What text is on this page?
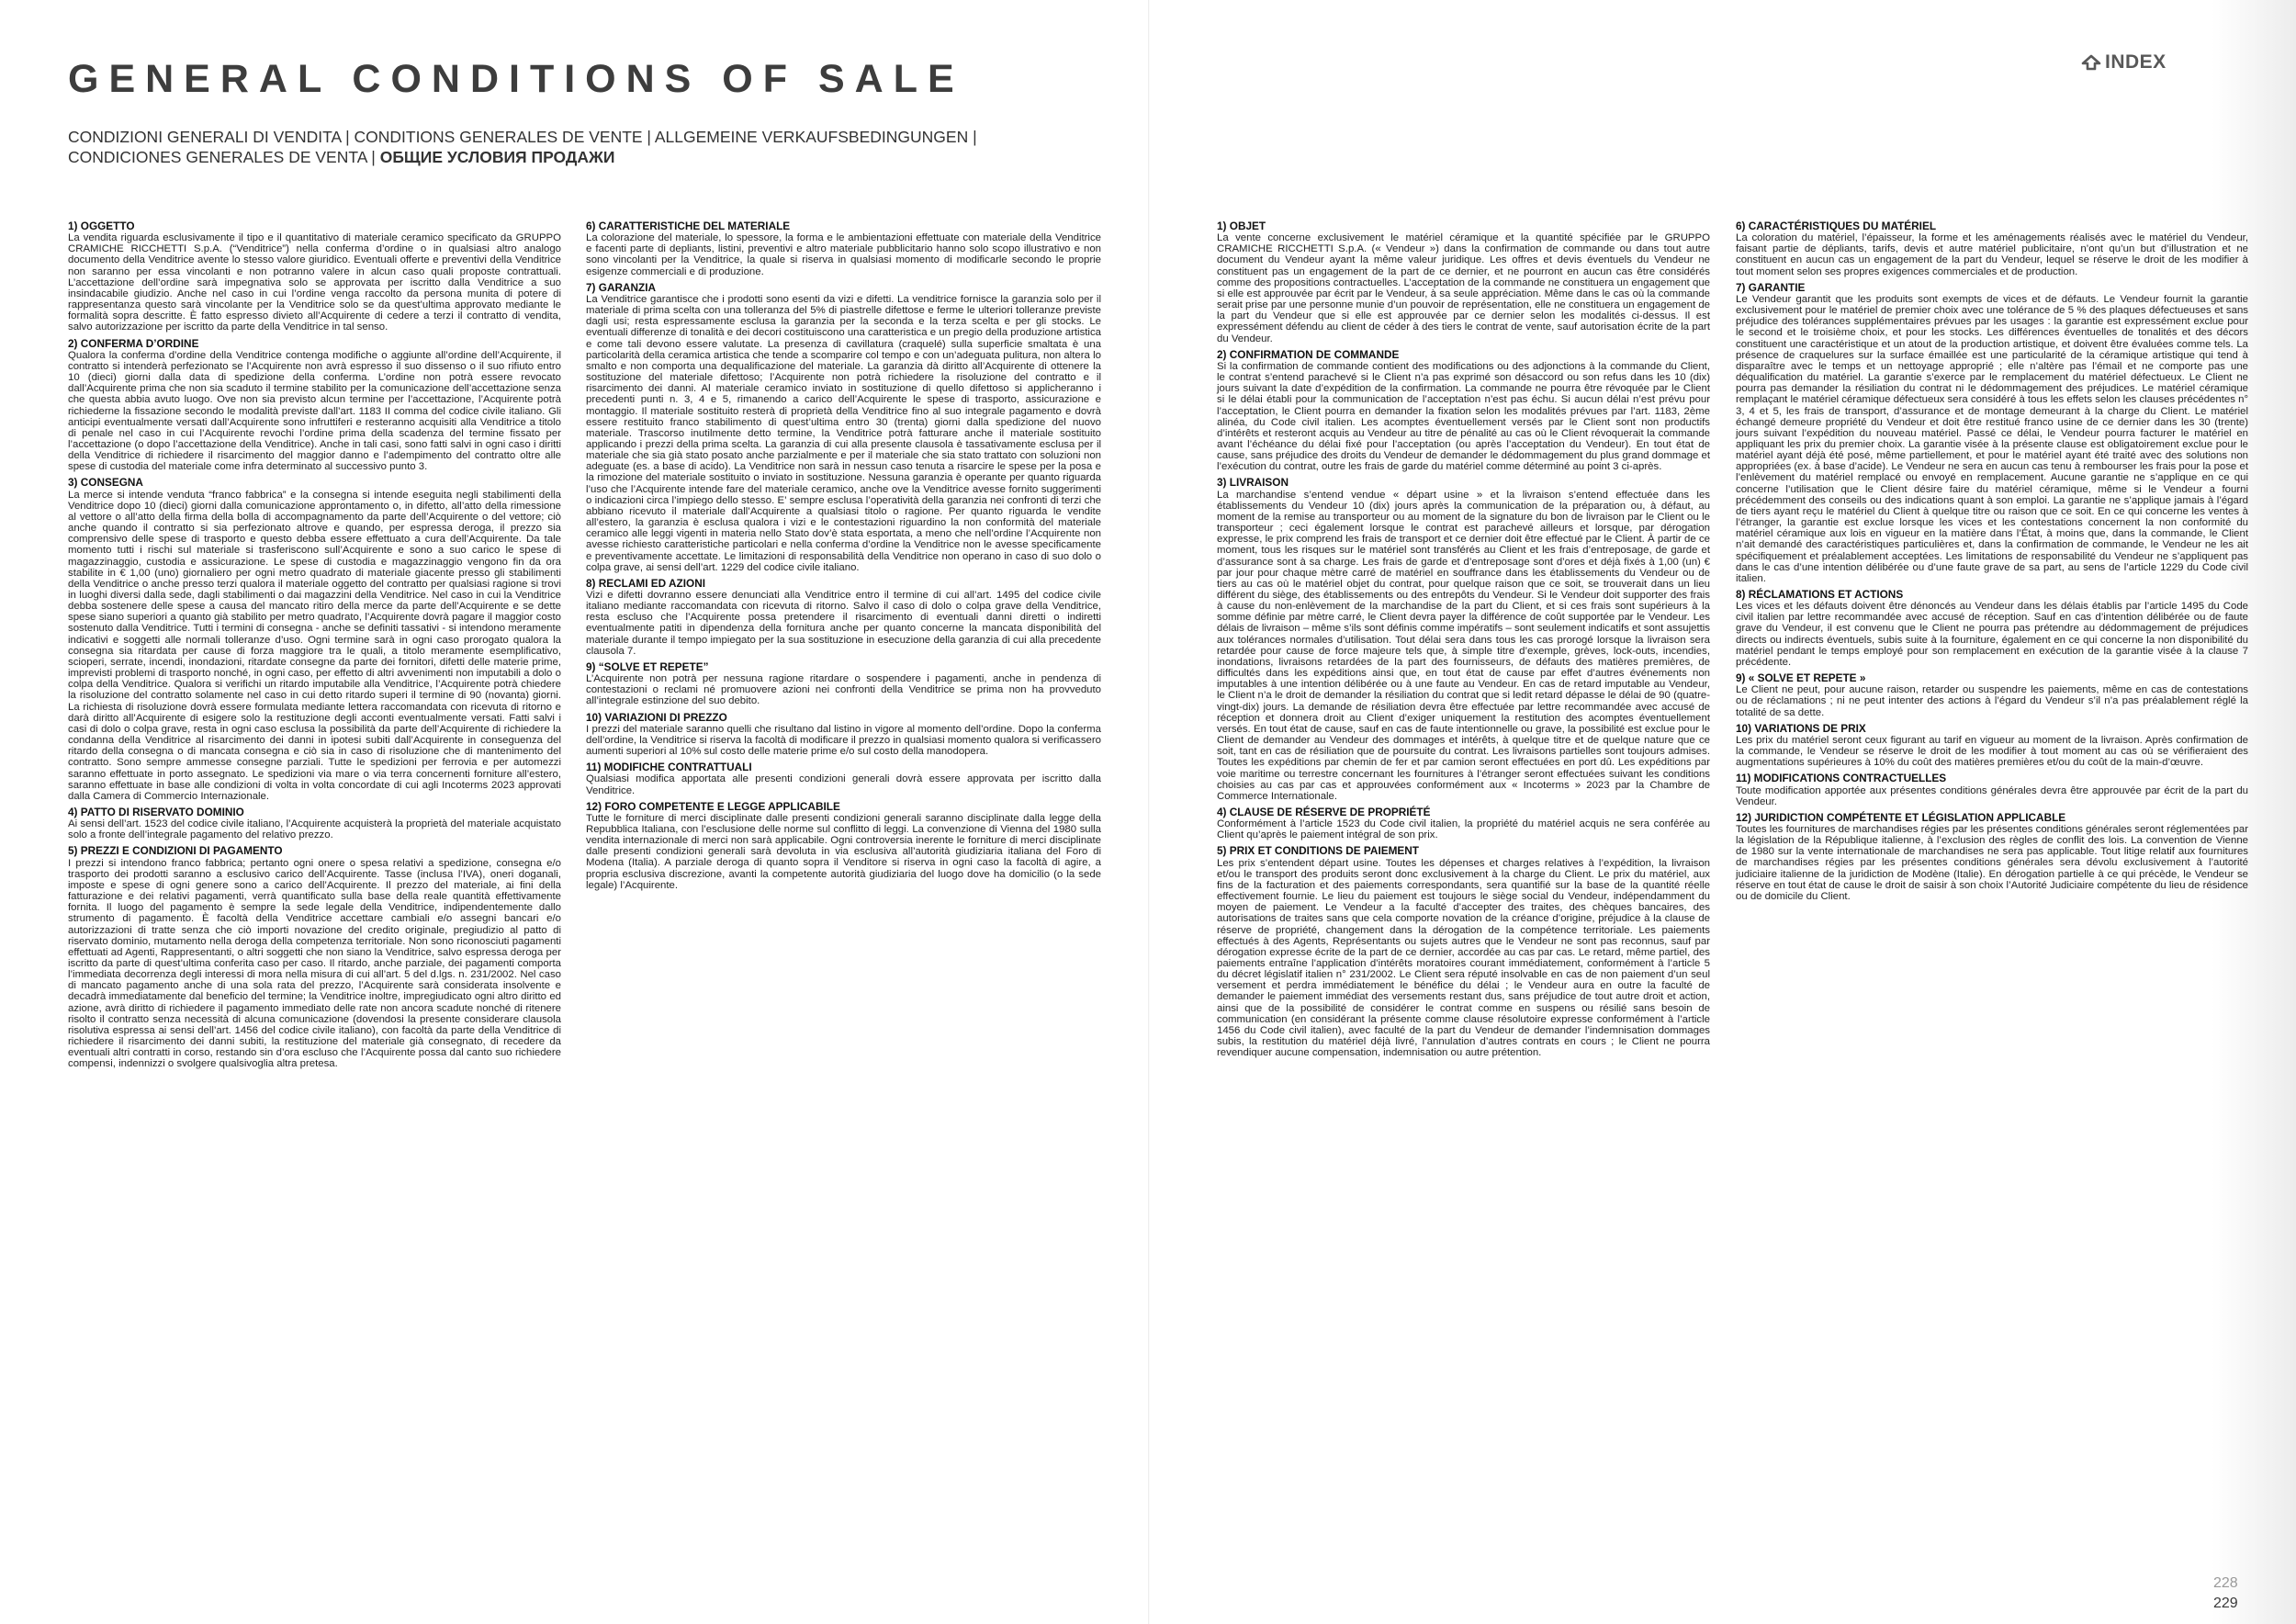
GENERAL CONDITIONS OF SALE
CONDIZIONI GENERALI DI VENDITA | CONDITIONS GENERALES DE VENTE | ALLGEMEINE VERKAUFSBEDINGUNGEN |
CONDICIONES GENERALES DE VENTA | ОБЩИЕ УСЛОВИЯ ПРОДАЖИ
INDEX
1) OGGETTO

La vendita riguarda esclusivamente il tipo e il quantitativo di materiale ceramico specificato da GRUPPO CRAMICHE RICCHETTI S.p.A. (“Venditrice”) nella conferma d’ordine o in qualsiasi altro analogo documento della Venditrice avente lo stesso valore giuridico. Eventuali offerte e preventivi della Venditrice non saranno per essa vincolanti e non potranno valere in alcun caso quali proposte contrattuali. L’accettazione dell’ordine sarà impegnativa solo se approvata per iscritto dalla Venditrice a suo insindacabile giudizio. Anche nel caso in cui l’ordine venga raccolto da persona munita di potere di rappresentanza questo sarà vincolante per la Venditrice solo se da quest’ultima approvato mediante le formalità sopra descritte. È fatto espresso divieto all’Acquirente di cedere a terzi il contratto di vendita, salvo autorizzazione per iscritto da parte della Venditrice in tal senso.

2) CONFERMA D’ORDINE

Qualora la conferma d’ordine della Venditrice contenga modifiche o aggiunte all’ordine dell’Acquirente, il contratto si intenderà perfezionato se l’Acquirente non avrà espresso il suo dissenso o il suo rifiuto entro 10 (dieci) giorni dalla data di spedizione della conferma. L’ordine non potrà essere revocato dall’Acquirente prima che non sia scaduto il termine stabilito per la comunicazione dell’accettazione senza che questa abbia avuto luogo. Ove non sia previsto alcun termine per l’accettazione, l’Acquirente potrà richiederne la fissazione secondo le modalità previste dall’art. 1183 II comma del codice civile italiano. Gli anticipi eventualmente versati dall’Acquirente sono infruttiferi e resteranno acquisiti alla Venditrice a titolo di penale nel caso in cui l’Acquirente revochi l’ordine prima della scadenza del termine fissato per l’accettazione (o dopo l’accettazione della Venditrice). Anche in tali casi, sono fatti salvi in ogni caso i diritti della Venditrice di richiedere il risarcimento del maggior danno e l’adempimento del contratto oltre alle spese di custodia del materiale come infra determinato al successivo punto 3.

3) CONSEGNA

La merce si intende venduta “franco fabbrica” e la consegna si intende eseguita negli stabilimenti della Venditrice dopo 10 (dieci) giorni dalla comunicazione approntamento o, in difetto, all’atto della rimessione al vettore o all’atto della firma della bolla di accompagnamento da parte dell’Acquirente o del vettore; ciò anche quando il contratto si sia perfezionato altrove e quando, per espressa deroga, il prezzo sia comprensivo delle spese di trasporto e questo debba essere effettuato a cura dell’Acquirente. Da tale momento tutti i rischi sul materiale si trasferiscono sull’Acquirente e sono a suo carico le spese di magazzinaggio, custodia e assicurazione. Le spese di custodia e magazzinaggio vengono fin da ora stabilite in € 1,00 (uno) giornaliero per ogni metro quadrato di materiale giacente presso gli stabilimenti della Venditrice o anche presso terzi qualora il materiale oggetto del contratto per qualsiasi ragione si trovi in luoghi diversi dalla sede, dagli stabilimenti o dai magazzini della Venditrice. Nel caso in cui la Venditrice debba sostenere delle spese a causa del mancato ritiro della merce da parte dell’Acquirente e se dette spese siano superiori a quanto già stabilito per metro quadrato, l’Acquirente dovrà pagare il maggior costo sostenuto dalla Venditrice. Tutti i termini di consegna - anche se definiti tassativi - si intendono meramente indicativi e soggetti alle normali tolleranze d’uso. Ogni termine sarà in ogni caso prorogato qualora la consegna sia ritardata per cause di forza maggiore tra le quali, a titolo meramente esemplificativo, scioperi, serrate, incendi, inondazioni, ritardate consegne da parte dei fornitori, difetti delle materie prime, imprevisti problemi di trasporto nonché, in ogni caso, per effetto di altri avvenimenti non imputabili a dolo o colpa della Venditrice. Qualora si verifichi un ritardo imputabile alla Venditrice, l’Acquirente potrà chiedere la risoluzione del contratto solamente nel caso in cui detto ritardo superi il termine di 90 (novanta) giorni. La richiesta di risoluzione dovrà essere formulata mediante lettera raccomandata con ricevuta di ritorno e darà diritto all’Acquirente di esigere solo la restituzione degli acconti eventualmente versati. Fatti salvi i casi di dolo o colpa grave, resta in ogni caso esclusa la possibilità da parte dell’Acquirente di richiedere la condanna della Venditrice al risarcimento dei danni in ipotesi subiti dall’Acquirente in conseguenza del ritardo della consegna o di mancata consegna e ciò sia in caso di risoluzione che di mantenimento del contratto. Sono sempre ammesse consegne parziali. Tutte le spedizioni per ferrovia e per automezzi saranno effettuate in porto assegnato. Le spedizioni via mare o via terra concernenti forniture all’estero, saranno effettuate in base alle condizioni di volta in volta concordate di cui agli Incoterms 2023 approvati dalla Camera di Commercio Internazionale.

4) PATTO DI RISERVATO DOMINIO

Ai sensi dell’art. 1523 del codice civile italiano, l’Acquirente acquisterà la proprietà del materiale acquistato solo a fronte dell’integrale pagamento del relativo prezzo.

5) PREZZI E CONDIZIONI DI PAGAMENTO

I prezzi si intendono franco fabbrica; pertanto ogni onere o spesa relativi a spedizione, consegna e/o trasporto dei prodotti saranno a esclusivo carico dell’Acquirente. Tasse (inclusa l’IVA), oneri doganali, imposte e spese di ogni genere sono a carico dell’Acquirente. Il prezzo del materiale, ai fini della fatturazione e dei relativi pagamenti, verrà quantificato sulla base della reale quantità effettivamente fornita. Il luogo del pagamento è sempre la sede legale della Venditrice, indipendentemente dallo strumento di pagamento. È facoltà della Venditrice accettare cambiali e/o assegni bancari e/o autorizzazioni di tratte senza che ciò importi novazione del credito originale, pregiudizio al patto di riservato dominio, mutamento nella deroga della competenza territoriale. Non sono riconosciuti pagamenti effettuati ad Agenti, Rappresentanti, o altri soggetti che non siano la Venditrice, salvo espressa deroga per iscritto da parte di quest’ultima conferita caso per caso. Il ritardo, anche parziale, dei pagamenti comporta l’immediata decorrenza degli interessi di mora nella misura di cui all’art. 5 del d.lgs. n. 231/2002. Nel caso di mancato pagamento anche di una sola rata del prezzo, l’Acquirente sarà considerata insolvente e decadrà immediatamente dal beneficio del termine; la Venditrice inoltre, impregiudicato ogni altro diritto ed azione, avrà diritto di richiedere il pagamento immediato delle rate non ancora scadute nonché di ritenere risolto il contratto senza necessità di alcuna comunicazione (dovendosi la presente considerare clausola risolutiva espressa ai sensi dell’art. 1456 del codice civile italiano), con facoltà da parte della Venditrice di richiedere il risarcimento dei danni subiti, la restituzione del materiale già consegnato, di recedere da eventuali altri contratti in corso, restando sin d’ora escluso che l’Acquirente possa dal canto suo richiedere compensi, indennizzi o svolgere qualsivoglia altra pretesa.

6) CARATTERISTICHE DEL MATERIALE

La colorazione del materiale, lo spessore, la forma e le ambientazioni effettuate con materiale della Venditrice e facenti parte di depliants, listini, preventivi e altro materiale pubblicitario hanno solo scopo illustrativo e non sono vincolanti per la Venditrice, la quale si riserva in qualsiasi momento di modificarle secondo le proprie esigenze commerciali e di produzione.

7) GARANZIA

La Venditrice garantisce che i prodotti sono esenti da vizi e difetti. La venditrice fornisce la garanzia solo per il materiale di prima scelta con una tolleranza del 5% di piastrelle difettose e ferme le ulteriori tolleranze previste dagli usi; resta espressamente esclusa la garanzia per la seconda e la terza scelta e per gli stocks. Le eventuali differenze di tonalità e dei decori costituiscono una caratteristica e un pregio della produzione artistica e come tali devono essere valutate. La presenza di cavillatura (craquelé) sulla superficie smaltata è una particolarità della ceramica artistica che tende a scomparire col tempo e con un’adeguata pulitura, non altera lo smalto e non comporta una dequalificazione del materiale. La garanzia dà diritto all’Acquirente di ottenere la sostituzione del materiale difettoso; l’Acquirente non potrà richiedere la risoluzione del contratto e il risarcimento dei danni. Al materiale ceramico inviato in sostituzione di quello difettoso si applicheranno i precedenti punti n. 3, 4 e 5, rimanendo a carico dell’Acquirente le spese di trasporto, assicurazione e montaggio. Il materiale sostituito resterà di proprietà della Venditrice fino al suo integrale pagamento e dovrà essere restituito franco stabilimento di quest’ultima entro 30 (trenta) giorni dalla spedizione del nuovo materiale. Trascorso inutilmente detto termine, la Venditrice potrà fatturare anche il materiale sostituito applicando i prezzi della prima scelta. La garanzia di cui alla presente clausola è tassativamente esclusa per il materiale che sia già stato posato anche parzialmente e per il materiale che sia stato trattato con soluzioni non adeguate (es. a base di acido). La Venditrice non sarà in nessun caso tenuta a risarcire le spese per la posa e la rimozione del materiale sostituito o inviato in sostituzione. Nessuna garanzia è operante per quanto riguarda l’uso che l’Acquirente intende fare del materiale ceramico, anche ove la Venditrice avesse fornito suggerimenti o indicazioni circa l’impiego dello stesso. E’ sempre esclusa l’operatività della garanzia nei confronti di terzi che abbiano ricevuto il materiale dall’Acquirente a qualsiasi titolo o ragione. Per quanto riguarda le vendite all’estero, la garanzia è esclusa qualora i vizi e le contestazioni riguardino la non conformità del materiale ceramico alle leggi vigenti in materia nello Stato dov’è stata esportata, a meno che nell’ordine l’Acquirente non avesse richiesto caratteristiche particolari e nella conferma d’ordine la Venditrice non le avesse specificamente e preventivamente accettate. Le limitazioni di responsabilità della Venditrice non operano in caso di suo dolo o colpa grave, ai sensi dell’art. 1229 del codice civile italiano.

8) RECLAMI ED AZIONI

Vizi e difetti dovranno essere denunciati alla Venditrice entro il termine di cui all’art. 1495 del codice civile italiano mediante raccomandata con ricevuta di ritorno. Salvo il caso di dolo o colpa grave della Venditrice, resta escluso che l’Acquirente possa pretendere il risarcimento di eventuali danni diretti o indiretti eventualmente patiti in dipendenza della fornitura anche per quanto concerne la mancata disponibilità del materiale durante il tempo impiegato per la sua sostituzione in esecuzione della garanzia di cui alla precedente clausola 7.

9) “SOLVE ET REPETE”

L’Acquirente non potrà per nessuna ragione ritardare o sospendere i pagamenti, anche in pendenza di contestazioni o reclami né promuovere azioni nei confronti della Venditrice se prima non ha provveduto all’integrale estinzione del suo debito.

10) VARIAZIONI DI PREZZO

I prezzi del materiale saranno quelli che risultano dal listino in vigore al momento dell’ordine. Dopo la conferma dell’ordine, la Venditrice si riserva la facoltà di modificare il prezzo in qualsiasi momento qualora si verificassero aumenti superiori al 10% sul costo delle materie prime e/o sul costo della manodopera.

11) MODIFICHE CONTRATTUALI

Qualsiasi modifica apportata alle presenti condizioni generali dovrà essere approvata per iscritto dalla Venditrice.

12) FORO COMPETENTE E LEGGE APPLICABILE

Tutte le forniture di merci disciplinate dalle presenti condizioni generali saranno disciplinate dalla legge della Repubblica Italiana, con l’esclusione delle norme sul conflitto di leggi. La convenzione di Vienna del 1980 sulla vendita internazionale di merci non sarà applicabile. Ogni controversia inerente le forniture di merci disciplinate dalle presenti condizioni generali sarà devoluta in via esclusiva all’autorità giudiziaria italiana del Foro di Modena (Italia). A parziale deroga di quanto sopra il Venditore si riserva in ogni caso la facoltà di agire, a propria esclusiva discrezione, avanti la competente autorità giudiziaria del luogo dove ha domicilio (o la sede legale) l’Acquirente.

1) OBJET

La vente concerne exclusivement le matériel céramique et la quantité spécifiée par le GRUPPO CRAMICHE RICCHETTI S.p.A. (« Vendeur ») dans la confirmation de commande ou dans tout autre document du Vendeur ayant la même valeur juridique. Les offres et devis éventuels du Vendeur ne constituent pas un engagement de la part de ce dernier, et ne pourront en aucun cas être considérés comme des propositions contractuelles. L’acceptation de la commande ne constituera un engagement que si elle est approuvée par écrit par le Vendeur, à sa seule appréciation. Même dans le cas où la commande serait prise par une personne munie d’un pouvoir de représentation, elle ne constituera un engagement de la part du Vendeur que si elle est approuvée par ce dernier selon les modalités ci-dessus. Il est expressément défendu au client de céder à des tiers le contrat de vente, sauf autorisation écrite de la part du Vendeur.

2) CONFIRMATION DE COMMANDE

Si la confirmation de commande contient des modifications ou des adjonctions à la commande du Client, le contrat s’entend parachevé si le Client n’a pas exprimé son désaccord ou son refus dans les 10 (dix) jours suivant la date d’expédition de la confirmation. La commande ne pourra être révoquée par le Client si le délai établi pour la communication de l’acceptation n’est pas échu. Si aucun délai n’est prévu pour l’acceptation, le Client pourra en demander la fixation selon les modalités prévues par l’art. 1183, 2ème alinéa, du Code civil italien. Les acomptes éventuellement versés par le Client sont non productifs d’intérêts et resteront acquis au Vendeur au titre de pénalité au cas où le Client révoquerait la commande avant l’échéance du délai fixé pour l’acceptation (ou après l’acceptation du Vendeur). En tout état de cause, sans préjudice des droits du Vendeur de demander le dédommagement du plus grand dommage et l’exécution du contrat, outre les frais de garde du matériel comme déterminé au point 3 ci-après.

3) LIVRAISON

La marchandise s’entend vendue « départ usine » et la livraison s’entend effectuée dans les établissements du Vendeur 10 (dix) jours après la communication de la préparation ou, à défaut, au moment de la remise au transporteur ou au moment de la signature du bon de livraison par le Client ou le transporteur ; ceci également lorsque le contrat est parachevé ailleurs et lorsque, par dérogation expresse, le prix comprend les frais de transport et ce dernier doit être effectué par le Client. À partir de ce moment, tous les risques sur le matériel sont transférés au Client et les frais d’entreposage, de garde et d’assurance sont à sa charge. Les frais de garde et d’entreposage sont d’ores et déjà fixés à 1,00 (un) € par jour pour chaque mètre carré de matériel en souffrance dans les établissements du Vendeur ou de tiers au cas où le matériel objet du contrat, pour quelque raison que ce soit, se trouverait dans un lieu différent du siège, des établissements ou des entrepôts du Vendeur. Si le Vendeur doit supporter des frais à cause du non-enlèvement de la marchandise de la part du Client, et si ces frais sont supérieurs à la somme définie par mètre carré, le Client devra payer la différence de coût supportée par le Vendeur. Les délais de livraison – même s’ils sont définis comme impératifs – sont seulement indicatifs et sont assujettis aux tolérances normales d’utilisation. Tout délai sera dans tous les cas prorogé lorsque la livraison sera retardée pour cause de force majeure tels que, à simple titre d’exemple, grèves, lock-outs, incendies, inondations, livraisons retardées de la part des fournisseurs, de défauts des matières premières, de difficultés dans les expéditions ainsi que, en tout état de cause par effet d’autres événements non imputables à une intention délibérée ou à une faute au Vendeur. En cas de retard imputable au Vendeur, le Client n’a le droit de demander la résiliation du contrat que si ledit retard dépasse le délai de 90 (quatre-vingt-dix) jours. La demande de résiliation devra être effectuée par lettre recommandée avec accusé de réception et donnera droit au Client d’exiger uniquement la restitution des acomptes éventuellement versés. En tout état de cause, sauf en cas de faute intentionnelle ou grave, la possibilité est exclue pour le Client de demander au Vendeur des dommages et intérêts, à quelque titre et de quelque nature que ce soit, tant en cas de résiliation que de poursuite du contrat. Les livraisons partielles sont toujours admises. Toutes les expéditions par chemin de fer et par camion seront effectuées en port dû. Les expéditions par voie maritime ou terrestre concernant les fournitures à l’étranger seront effectuées suivant les conditions choisies au cas par cas et approuvées conformément aux « Incoterms » 2023 par la Chambre de Commerce Internationale.

4) CLAUSE DE RÉSERVE DE PROPRIÉTÉ

Conformément à l’article 1523 du Code civil italien, la propriété du matériel acquis ne sera conférée au Client qu’après le paiement intégral de son prix.

5) PRIX ET CONDITIONS DE PAIEMENT

Les prix s’entendent départ usine. Toutes les dépenses et charges relatives à l’expédition, la livraison et/ou le transport des produits seront donc exclusivement à la charge du Client. Le prix du matériel, aux fins de la facturation et des paiements correspondants, sera quantifié sur la base de la quantité réelle effectivement fournie. Le lieu du paiement est toujours le siège social du Vendeur, indépendamment du moyen de paiement. Le Vendeur a la faculté d’accepter des traites, des chèques bancaires, des autorisations de traites sans que cela comporte novation de la créance d’origine, préjudice à la clause de réserve de propriété, changement dans la dérogation de la compétence territoriale. Les paiements effectués à des Agents, Représentants ou sujets autres que le Vendeur ne sont pas reconnus, sauf par dérogation expresse écrite de la part de ce dernier, accordée au cas par cas. Le retard, même partiel, des paiements entraîne l’application d’intérêts moratoires courant immédiatement, conformément à l’article 5 du décret législatif italien n° 231/2002. Le Client sera réputé insolvable en cas de non paiement d’un seul versement et perdra immédiatement le bénéfice du délai ; le Vendeur aura en outre la faculté de demander le paiement immédiat des versements restant dus, sans préjudice de tout autre droit et action, ainsi que de la possibilité de considérer le contrat comme en suspens ou résilié sans besoin de communication (en considérant la présente comme clause résolutoire expresse conformément à l’article 1456 du Code civil italien), avec faculté de la part du Vendeur de demander l’indemnisation dommages subis, la restitution du matériel déjà livré, l’annulation d’autres contrats en cours ; le Client ne pourra revendiquer aucune compensation, indemnisation ou autre prétention.

6) CARACTÉRISTIQUES DU MATÉRIEL

La coloration du matériel, l’épaisseur, la forme et les aménagements réalisés avec le matériel du Vendeur, faisant partie de dépliants, tarifs, devis et autre matériel publicitaire, n’ont qu’un but d’illustration et ne constituent en aucun cas un engagement de la part du Vendeur, lequel se réserve le droit de les modifier à tout moment selon ses propres exigences commerciales et de production.

7) GARANTIE

Le Vendeur garantit que les produits sont exempts de vices et de défauts. Le Vendeur fournit la garantie exclusivement pour le matériel de premier choix avec une tolérance de 5 % des plaques défectueuses et sans préjudice des tolérances supplémentaires prévues par les usages : la garantie est expressément exclue pour le second et le troisième choix, et pour les stocks. Les différences éventuelles de tonalités et des décors constituent une caractéristique et un atout de la production artistique, et doivent être évaluées comme tels. La présence de craquelures sur la surface émaillée est une particularité de la céramique artistique qui tend à disparaître avec le temps et un nettoyage approprié ; elle n’altère pas l’émail et ne comporte pas une déqualification du matériel. La garantie s’exerce par le remplacement du matériel défectueux. Le Client ne pourra pas demander la résiliation du contrat ni le dédommagement des préjudices. Le matériel céramique remplaçant le matériel céramique défectueux sera considéré à tous les effets selon les clauses précédentes n° 3, 4 et 5, les frais de transport, d’assurance et de montage demeurant à la charge du Client. Le matériel échangé demeure propriété du Vendeur et doit être restitué franco usine de ce dernier dans les 30 (trente) jours suivant l’expédition du nouveau matériel. Passé ce délai, le Vendeur pourra facturer le matériel en appliquant les prix du premier choix. La garantie visée à la présente clause est obligatoirement exclue pour le matériel ayant déjà été posé, même partiellement, et pour le matériel ayant été traité avec des solutions non appropriées (ex. à base d’acide). Le Vendeur ne sera en aucun cas tenu à rembourser les frais pour la pose et l’enlèvement du matériel remplacé ou envoyé en remplacement. Aucune garantie ne s’applique en ce qui concerne l’utilisation que le Client désire faire du matériel céramique, même si le Vendeur a fourni précédemment des conseils ou des indications quant à son emploi. La garantie ne s’applique jamais à l’égard de tiers ayant reçu le matériel du Client à quelque titre ou raison que ce soit. En ce qui concerne les ventes à l’étranger, la garantie est exclue lorsque les vices et les contestations concernent la non conformité du matériel céramique aux lois en vigueur en la matière dans l’État, à moins que, dans la commande, le Client n’ait demandé des caractéristiques particulières et, dans la confirmation de commande, le Vendeur ne les ait spécifiquement et préalablement acceptées. Les limitations de responsabilité du Vendeur ne s’appliquent pas dans le cas d’une intention délibérée ou d’une faute grave de sa part, au sens de l’article 1229 du Code civil italien.

8) RÉCLAMATIONS ET ACTIONS

Les vices et les défauts doivent être dénoncés au Vendeur dans les délais établis par l’article 1495 du Code civil italien par lettre recommandée avec accusé de réception. Sauf en cas d’intention délibérée ou de faute grave du Vendeur, il est convenu que le Client ne pourra pas prétendre au dédommagement de préjudices directs ou indirects éventuels, subis suite à la fourniture, également en ce qui concerne la non disponibilité du matériel pendant le temps employé pour son remplacement en exécution de la garantie visée à la clause 7 précédente.

9) « SOLVE ET REPETE »

Le Client ne peut, pour aucune raison, retarder ou suspendre les paiements, même en cas de contestations ou de réclamations ; ni ne peut intenter des actions à l’égard du Vendeur s’il n’a pas préalablement réglé la totalité de sa dette.

10) VARIATIONS DE PRIX

Les prix du matériel seront ceux figurant au tarif en vigueur au moment de la livraison. Après confirmation de la commande, le Vendeur se réserve le droit de les modifier à tout moment au cas où se vérifieraient des augmentations supérieures à 10% du coût des matières premières et/ou du coût de la main-d’œuvre.

11) MODIFICATIONS CONTRACTUELLES

Toute modification apportée aux présentes conditions générales devra être approuvée par écrit de la part du Vendeur.

12) JURIDICTION COMPÉTENTE ET LÉGISLATION APPLICABLE

Toutes les fournitures de marchandises régies par les présentes conditions générales seront réglementées par la législation de la République italienne, à l’exclusion des règles de conflit des lois. La convention de Vienne de 1980 sur la vente internationale de marchandises ne sera pas applicable. Tout litige relatif aux fournitures de marchandises régies par les présentes conditions générales sera dévolu exclusivement à l’autorité judiciaire italienne de la juridiction de Modène (Italie). En dérogation partielle à ce qui précède, le Vendeur se réserve en tout état de cause le droit de saisir à son choix l’Autorité Judiciaire compétente du lieu de résidence ou de domicile du Client.

228
229
